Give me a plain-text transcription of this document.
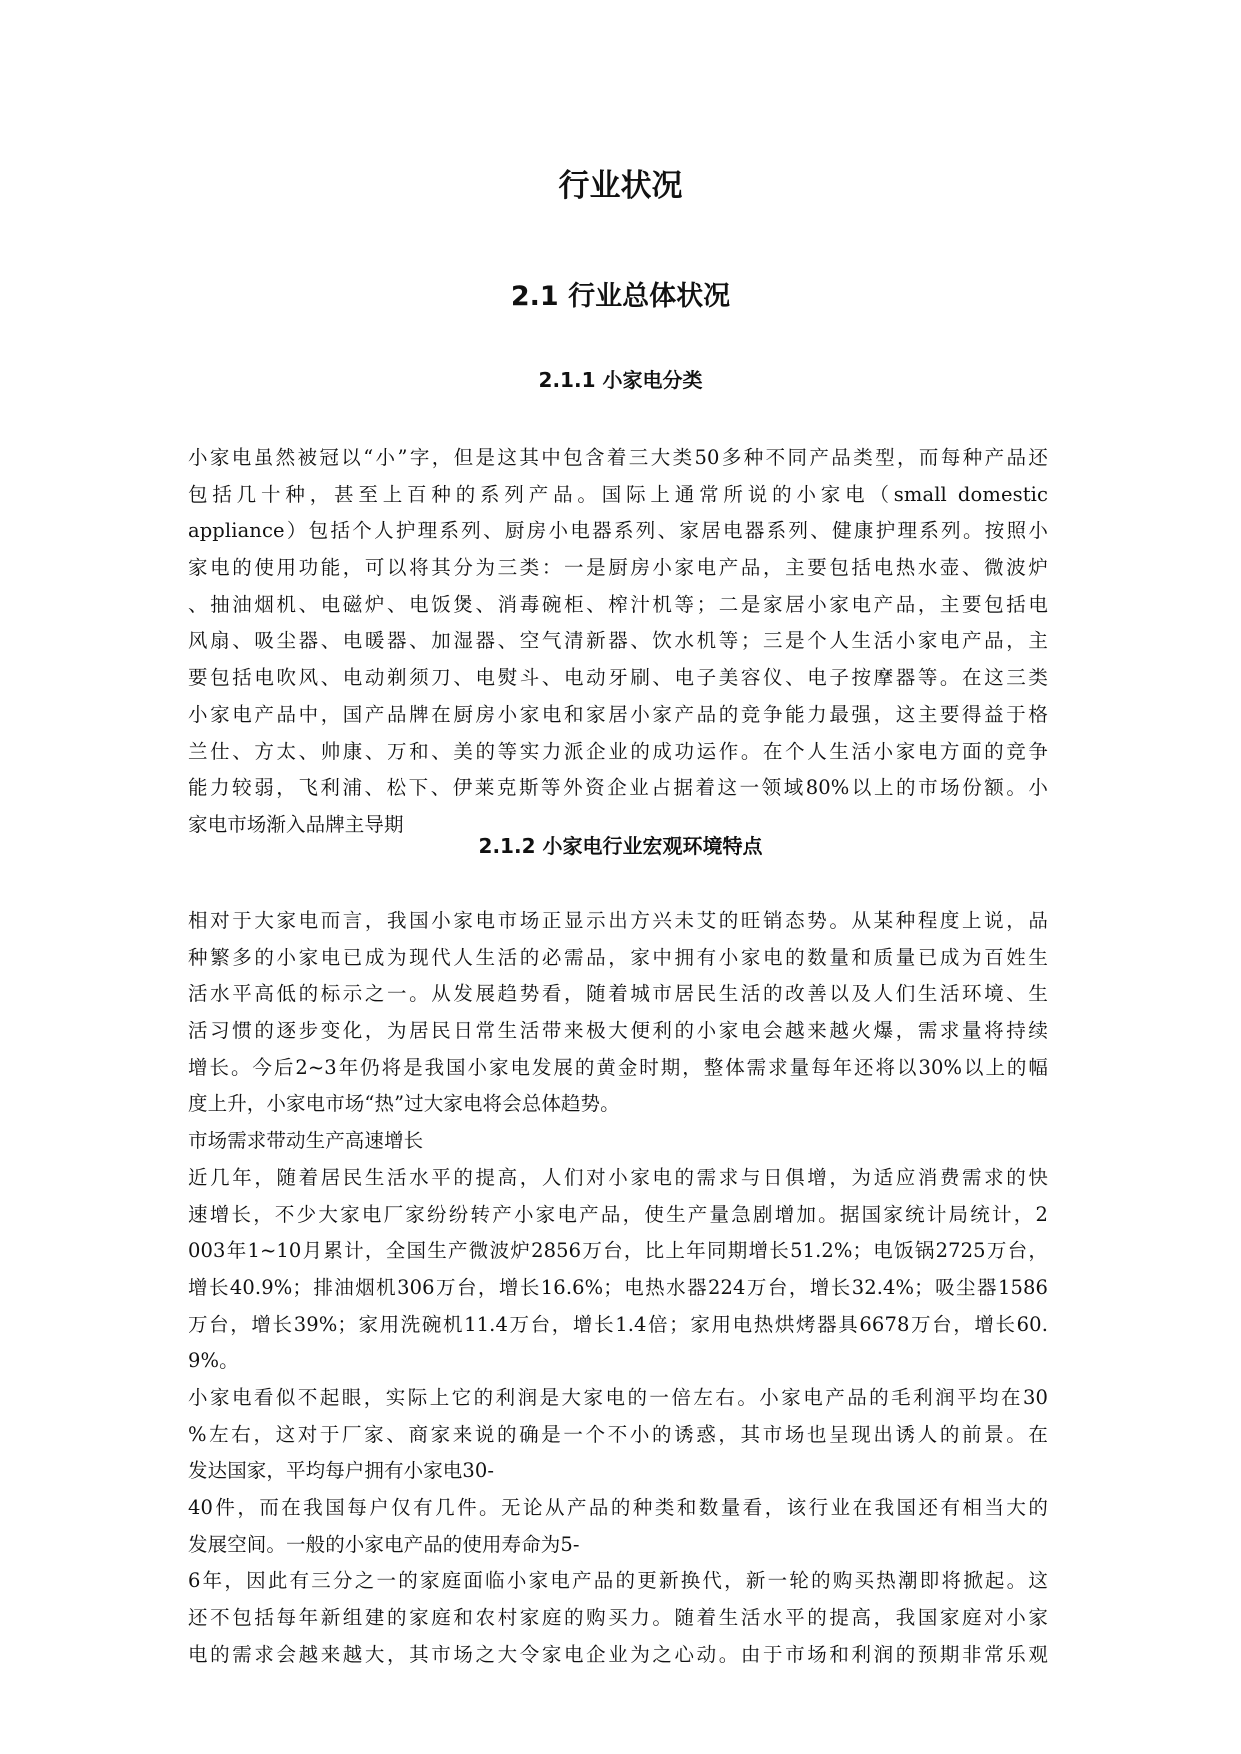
行业状况
2.1 行业总体状况
2.1.1 小家电分类
小家电虽然被冠以“小”字，但是这其中包含着三大类50多种不同产品类型，而每种产品还
包括几十种，甚至上百种的系列产品。国际上通常所说的小家电（small domestic
appliance）包括个人护理系列、厨房小电器系列、家居电器系列、健康护理系列。按照小
家电的使用功能，可以将其分为三类：一是厨房小家电产品，主要包括电热水壶、微波炉
、抽油烟机、电磁炉、电饭煲、消毒碗柜、榨汁机等；二是家居小家电产品，主要包括电
风扇、吸尘器、电暖器、加湿器、空气清新器、饮水机等；三是个人生活小家电产品，主
要包括电吹风、电动剃须刀、电熨斗、电动牙刷、电子美容仪、电子按摩器等。在这三类
小家电产品中，国产品牌在厨房小家电和家居小家产品的竞争能力最强，这主要得益于格
兰仕、方太、帅康、万和、美的等实力派企业的成功运作。在个人生活小家电方面的竞争
能力较弱，飞利浦、松下、伊莱克斯等外资企业占据着这一领域80%以上的市场份额。小
家电市场渐入品牌主导期
2.1.2 小家电行业宏观环境特点
相对于大家电而言，我国小家电市场正显示出方兴未艾的旺销态势。从某种程度上说，品
种繁多的小家电已成为现代人生活的必需品，家中拥有小家电的数量和质量已成为百姓生
活水平高低的标示之一。从发展趋势看，随着城市居民生活的改善以及人们生活环境、生
活习惯的逐步变化，为居民日常生活带来极大便利的小家电会越来越火爆，需求量将持续
增长。今后2~3年仍将是我国小家电发展的黄金时期，整体需求量每年还将以30%以上的幅
度上升，小家电市场“热”过大家电将会总体趋势。
市场需求带动生产高速增长
近几年，随着居民生活水平的提高，人们对小家电的需求与日俱增，为适应消费需求的快
速增长，不少大家电厂家纷纷转产小家电产品，使生产量急剧增加。据国家统计局统计，2
003年1~10月累计，全国生产微波炉2856万台，比上年同期增长51.2%；电饭锅2725万台，
增长40.9%；排油烟机306万台，增长16.6%；电热水器224万台，增长32.4%；吸尘器1586
万台，增长39%；家用洗碗机11.4万台，增长1.4倍；家用电热烘烤器具6678万台，增长60.
9%。
小家电看似不起眼，实际上它的利润是大家电的一倍左右。小家电产品的毛利润平均在30
%左右，这对于厂家、商家来说的确是一个不小的诱惑，其市场也呈现出诱人的前景。在
发达国家，平均每户拥有小家电30-
40件，而在我国每户仅有几件。无论从产品的种类和数量看，该行业在我国还有相当大的
发展空间。一般的小家电产品的使用寿命为5-
6年，因此有三分之一的家庭面临小家电产品的更新换代，新一轮的购买热潮即将掀起。这
还不包括每年新组建的家庭和农村家庭的购买力。随着生活水平的提高，我国家庭对小家
电的需求会越来越大，其市场之大令家电企业为之心动。由于市场和利润的预期非常乐观
